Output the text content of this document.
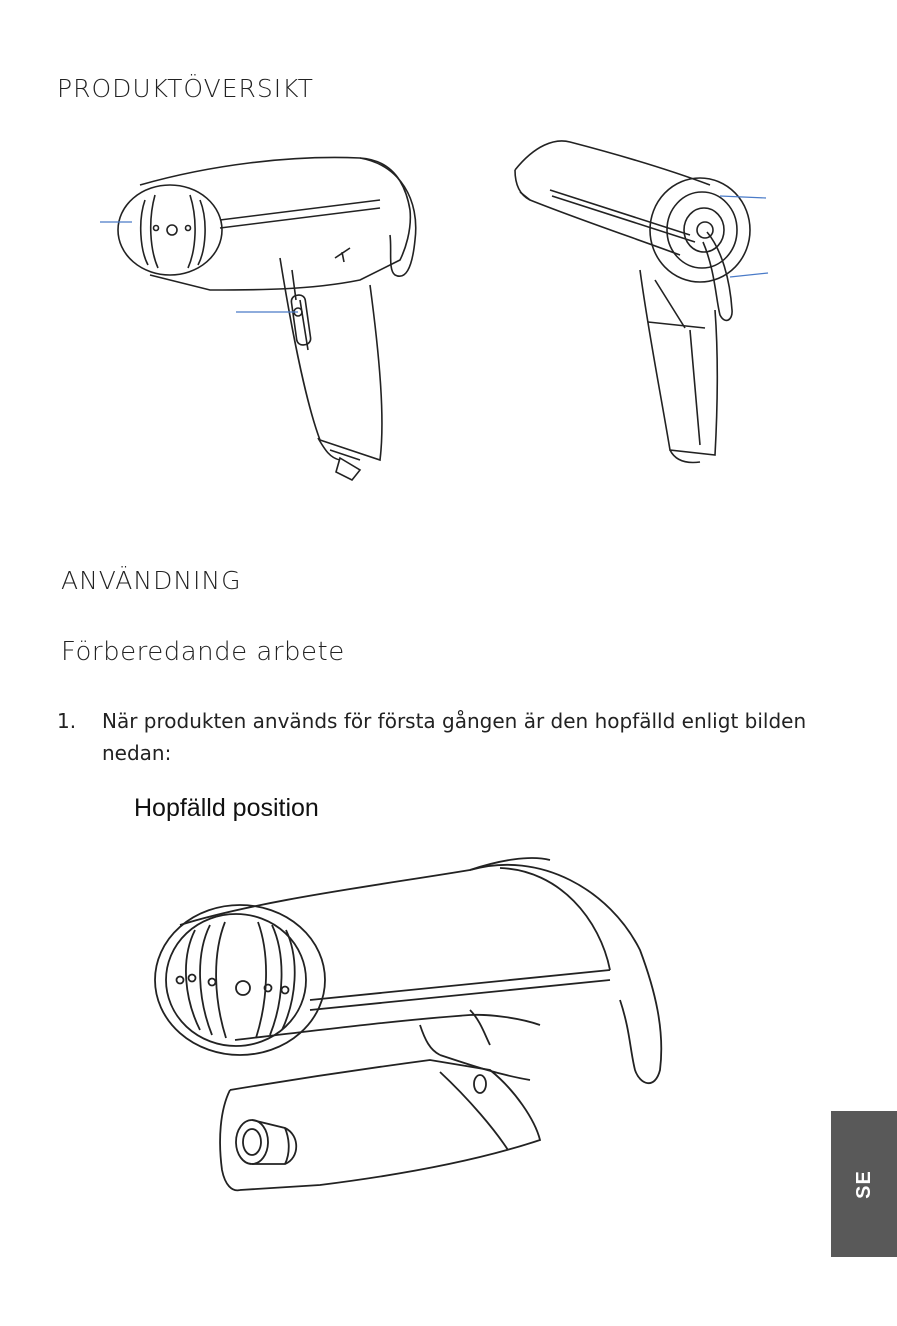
PRODUKTÖVERSIKT
ANVÄNDNING
Förberedande arbete
1. När produkten används för första gången är den hopfälld enligt bilden nedan:
Hopfälld position
SE
